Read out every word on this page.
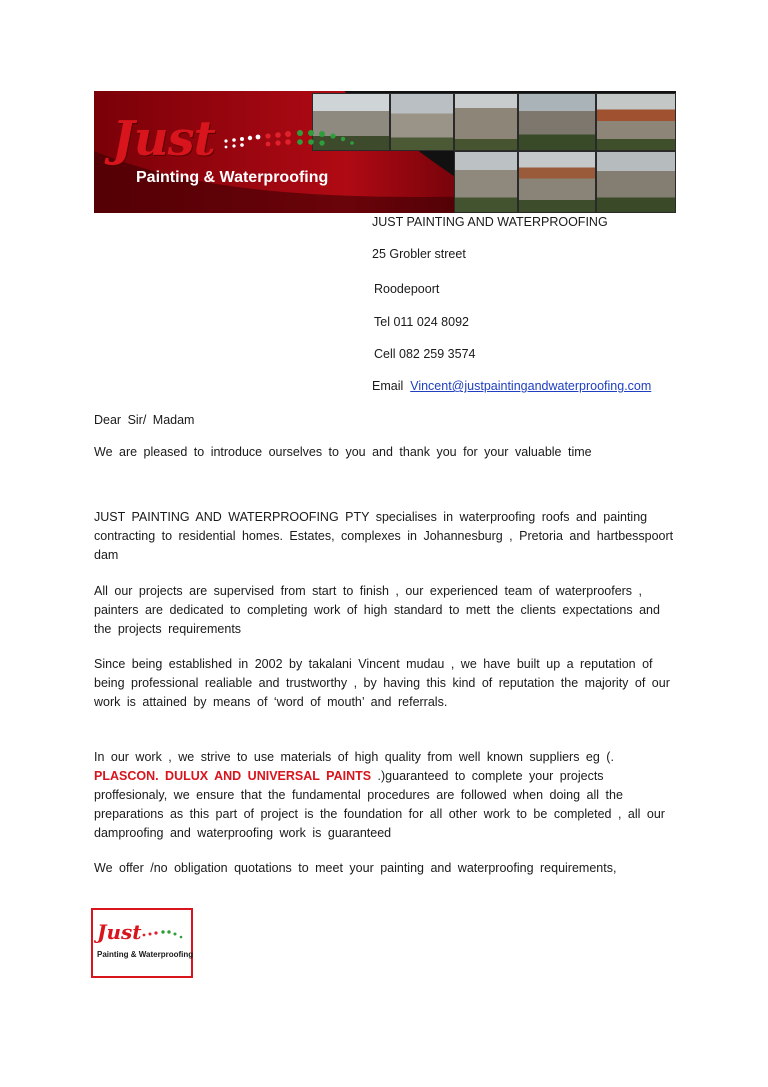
Just
Painting & Waterproofing
JUST PAINTING AND WATERPROOFING
25 Grobler street
Roodepoort
Tel 011 024 8092
Cell 082 259 3574
Email Vincent@justpaintingandwaterproofing.com
Dear Sir/ Madam
We are pleased to introduce ourselves to you and thank you for your valuable time
JUST PAINTING AND WATERPROOFING PTY specialises in waterproofing roofs and painting contracting to residential homes. Estates, complexes in Johannesburg , Pretoria and hartbesspoort dam
All our projects are supervised from start to finish , our experienced team of waterproofers , painters are dedicated to completing work of high standard to mett the clients expectations and the projects requirements
Since being established in 2002 by takalani Vincent mudau , we have built up a reputation of being professional realiable and trustworthy , by having this kind of reputation the majority of our work is attained by means of ‘word of mouth’ and referrals.
In our work , we strive to use materials of high quality from well known suppliers eg (. PLASCON. DULUX AND UNIVERSAL PAINTS .)guaranteed to complete your projects proffesionaly, we ensure that the fundamental procedures are followed when doing all the preparations as this part of project is the foundation for all other work to be completed , all our damproofing and waterproofing work is guaranteed
We offer /no obligation quotations to meet your painting and waterproofing requirements,
Just
Painting & Waterproofing
